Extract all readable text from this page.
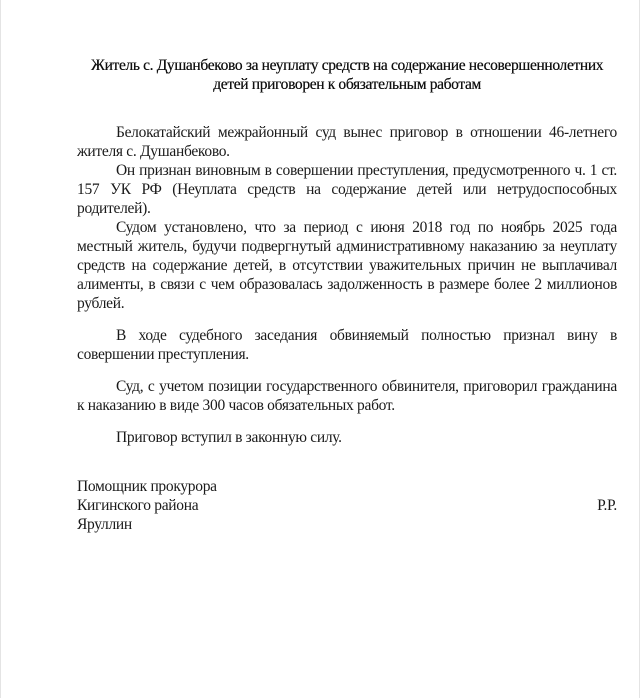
Житель с. Душанбеково за неуплату средств на содержание несовершеннолетних детей приговорен к обязательным работам

Белокатайский межрайонный суд вынес приговор в отношении 46-летнего жителя с. Душанбеково.

Он признан виновным в совершении преступления, предусмотренного ч. 1 ст. 157 УК РФ (Неуплата средств на содержание детей или нетрудоспособных родителей).

Судом установлено, что за период с июня 2018 год по ноябрь 2025 года местный житель, будучи подвергнутый административному наказанию за неуплату средств на содержание детей, в отсутствии уважительных причин не выплачивал алименты, в связи с чем образовалась задолженность в размере более 2 миллионов рублей.

В ходе судебного заседания обвиняемый полностью признал вину в совершении преступления.

Суд, с учетом позиции государственного обвинителя, приговорил гражданина к наказанию в виде 300 часов обязательных работ.

Приговор вступил в законную силу.

Помощник прокурора
Кигинского района	Р.Р.
Яруллин
